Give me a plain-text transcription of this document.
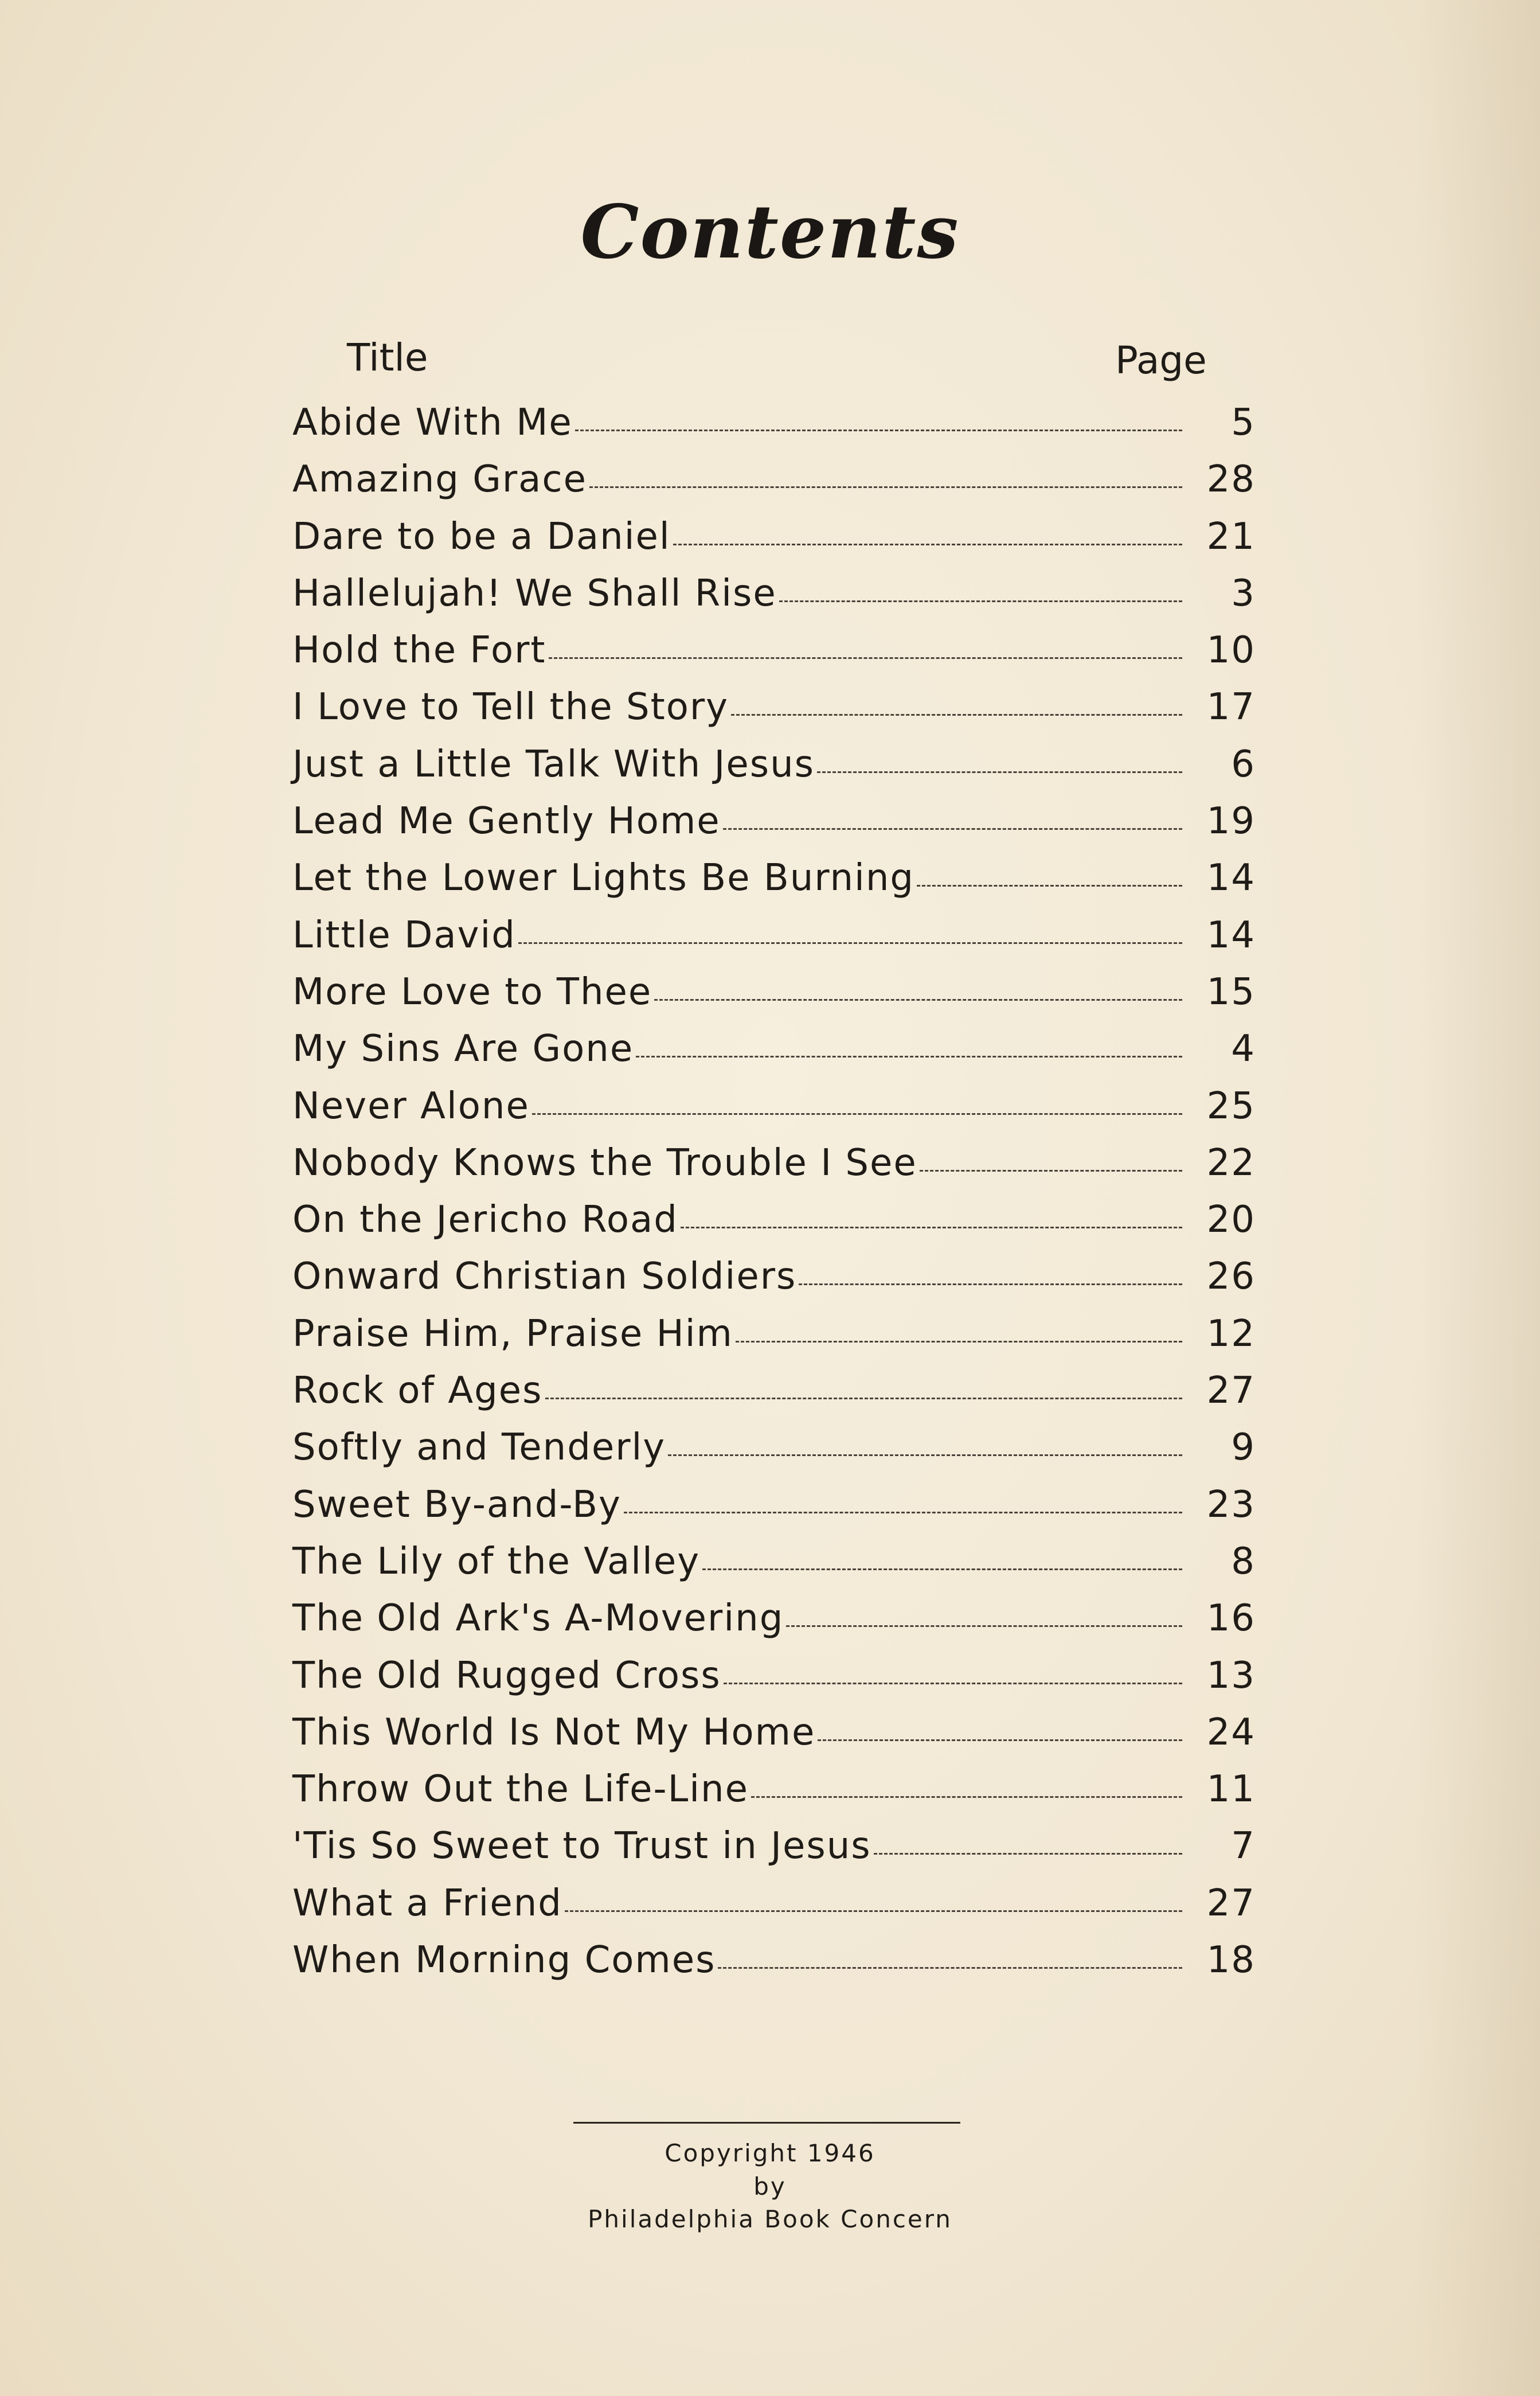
Contents
Title	Page
Abide With Me	5
Amazing Grace	28
Dare to be a Daniel	21
Hallelujah! We Shall Rise	3
Hold the Fort	10
I Love to Tell the Story	17
Just a Little Talk With Jesus	6
Lead Me Gently Home	19
Let the Lower Lights Be Burning	14
Little David	14
More Love to Thee	15
My Sins Are Gone	4
Never Alone	25
Nobody Knows the Trouble I See	22
On the Jericho Road	20
Onward Christian Soldiers	26
Praise Him, Praise Him	12
Rock of Ages	27
Softly and Tenderly	9
Sweet By-and-By	23
The Lily of the Valley	8
The Old Ark's A-Movering	16
The Old Rugged Cross	13
This World Is Not My Home	24
Throw Out the Life-Line	11
'Tis So Sweet to Trust in Jesus	7
What a Friend	27
When Morning Comes	18
Copyright 1946
by
Philadelphia Book Concern
